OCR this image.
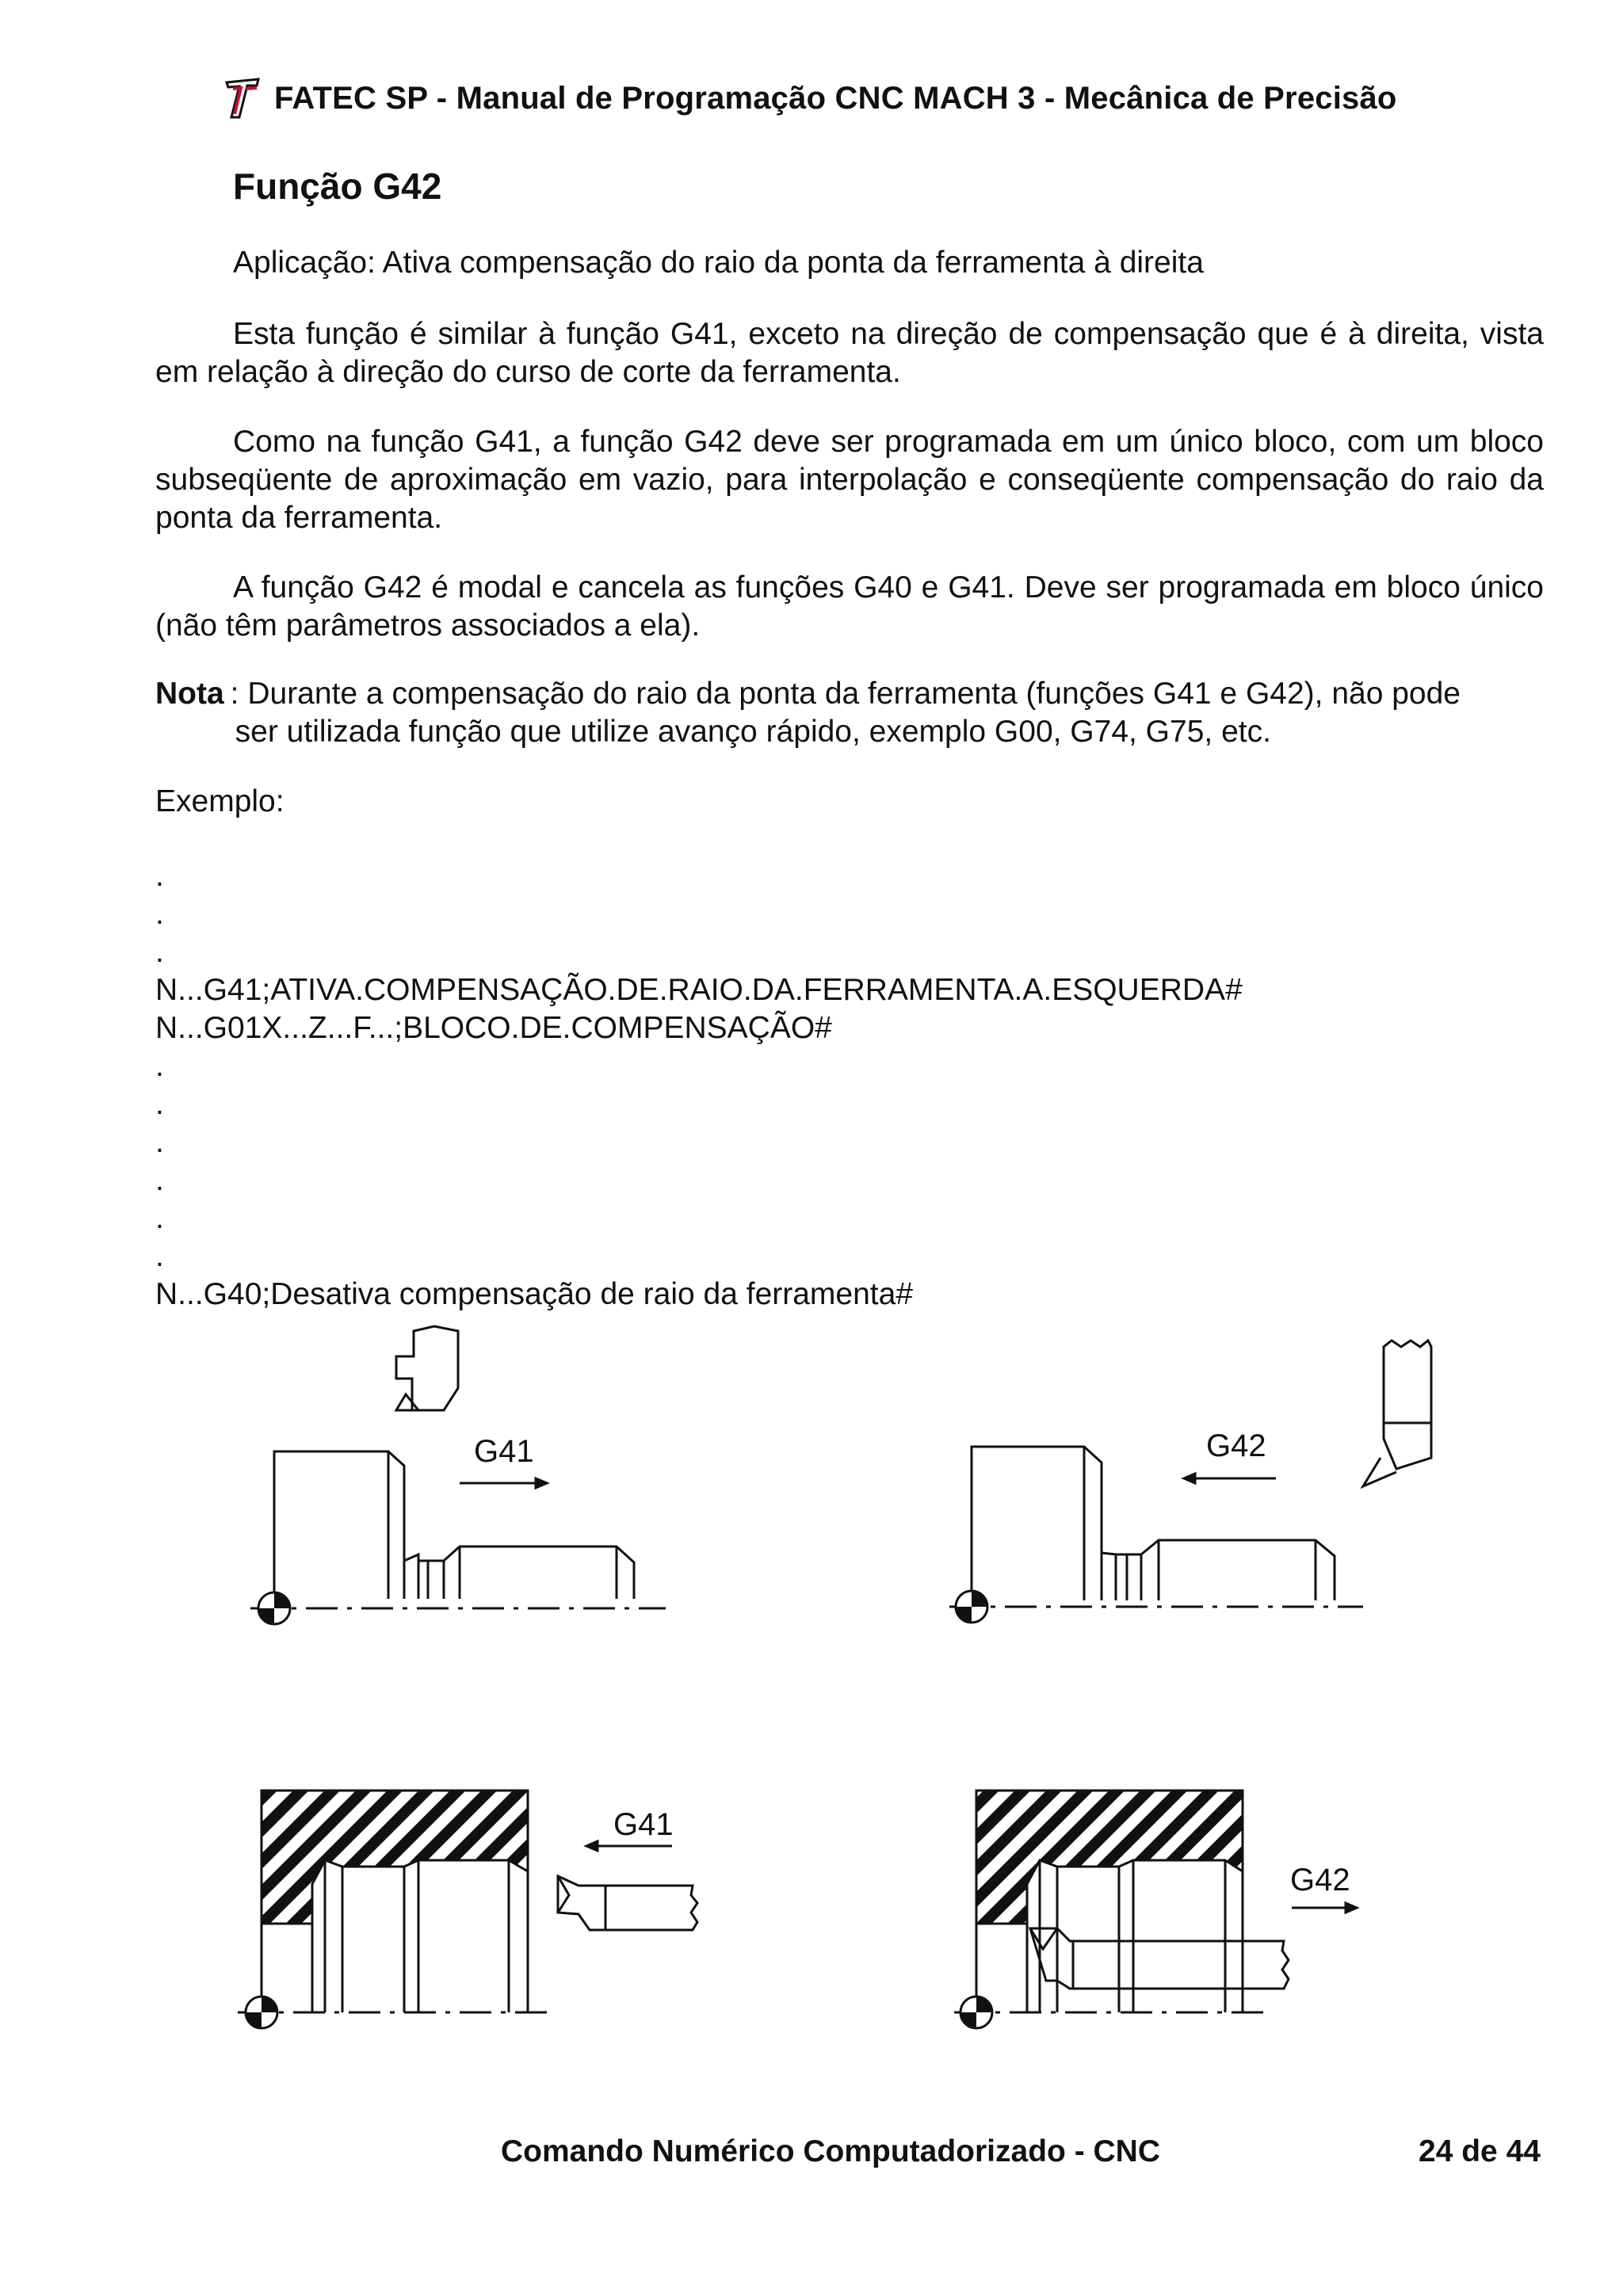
FATEC SP - Manual de Programação CNC MACH 3 - Mecânica de Precisão
Função G42

Aplicação: Ativa compensação do raio da ponta da ferramenta à direita

Esta função é similar à função G41, exceto na direção de compensação que é à direita, vista em relação à direção do curso de corte da ferramenta.

Como na função G41, a função G42 deve ser programada em um único bloco, com um bloco subseqüente de aproximação em vazio, para interpolação e conseqüente compensação do raio da ponta da ferramenta.

A função G42 é modal e cancela as funções G40 e G41. Deve ser programada em bloco único (não têm parâmetros associados a ela).

Nota : Durante a compensação do raio da ponta da ferramenta (funções G41 e G42), não pode
ser utilizada função que utilize avanço rápido, exemplo G00, G74, G75, etc.
Exemplo:
.
.
.
N...G41;ATIVA.COMPENSAÇÃO.DE.RAIO.DA.FERRAMENTA.A.ESQUERDA#
N...G01X...Z...F...;BLOCO.DE.COMPENSAÇÃO#
.
.
.
.
.
.
N...G40;Desativa compensação de raio da ferramenta#
G41	G42
G41
G42
Comando Numérico Computadorizado - CNC	24 de 44
